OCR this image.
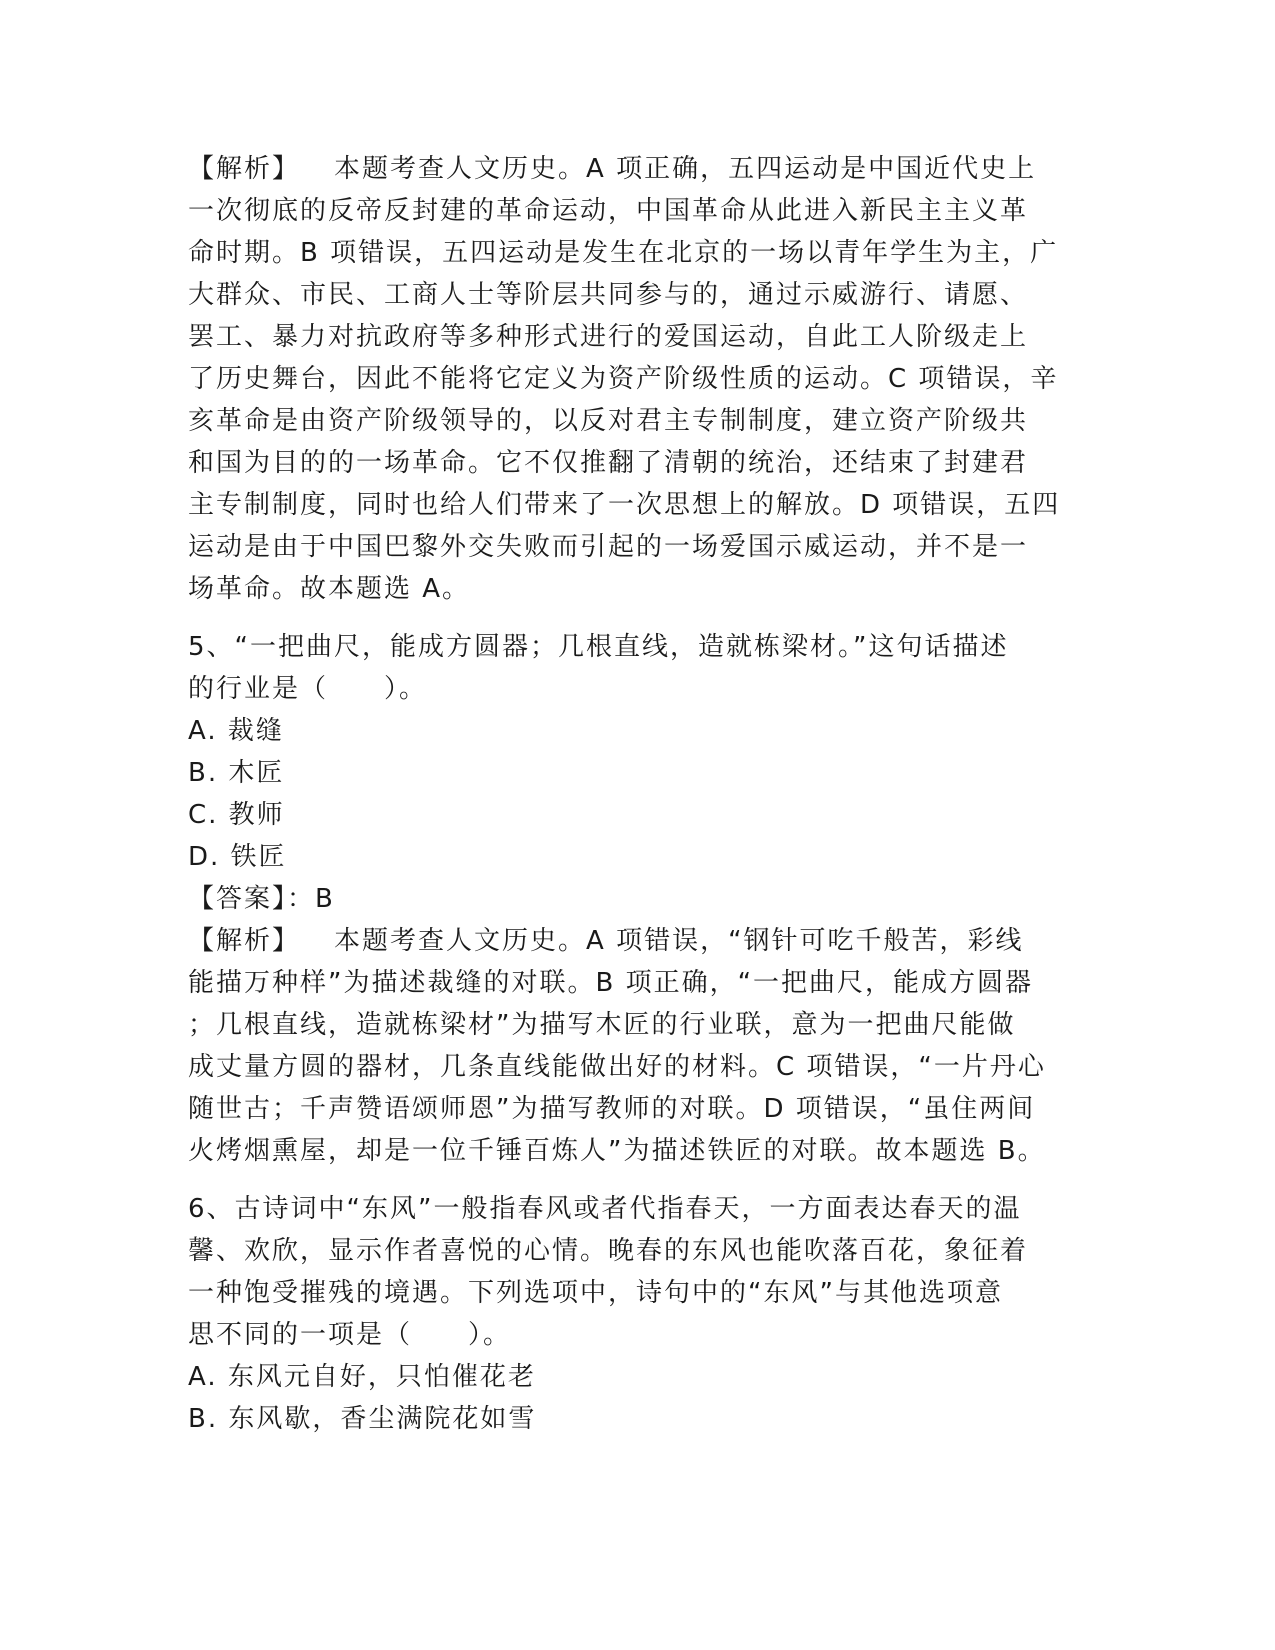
【解析】 本题考查人文历史。A 项正确，五四运动是中国近代史上
一次彻底的反帝反封建的革命运动，中国革命从此进入新民主主义革
命时期。B 项错误，五四运动是发生在北京的一场以青年学生为主，广
大群众、市民、工商人士等阶层共同参与的，通过示威游行、请愿、
罢工、暴力对抗政府等多种形式进行的爱国运动，自此工人阶级走上
了历史舞台，因此不能将它定义为资产阶级性质的运动。C 项错误，辛
亥革命是由资产阶级领导的，以反对君主专制制度，建立资产阶级共
和国为目的的一场革命。它不仅推翻了清朝的统治，还结束了封建君
主专制制度，同时也给人们带来了一次思想上的解放。D 项错误，五四
运动是由于中国巴黎外交失败而引起的一场爱国示威运动，并不是一
场革命。故本题选 A。
5、“一把曲尺，能成方圆器；几根直线，造就栋梁材。”这句话描述
的行业是（　　）。
A. 裁缝
B. 木匠
C. 教师
D. 铁匠
【答案】：B
【解析】 本题考查人文历史。A 项错误，“钢针可吃千般苦，彩线
能描万种样”为描述裁缝的对联。B 项正确，“一把曲尺，能成方圆器
；几根直线，造就栋梁材”为描写木匠的行业联，意为一把曲尺能做
成丈量方圆的器材，几条直线能做出好的材料。C 项错误，“一片丹心
随世古；千声赞语颂师恩”为描写教师的对联。D 项错误，“虽住两间
火烤烟熏屋，却是一位千锤百炼人”为描述铁匠的对联。故本题选 B。
6、古诗词中“东风”一般指春风或者代指春天，一方面表达春天的温
馨、欢欣，显示作者喜悦的心情。晚春的东风也能吹落百花，象征着
一种饱受摧残的境遇。下列选项中，诗句中的“东风”与其他选项意
思不同的一项是（　　）。
A. 东风元自好，只怕催花老
B. 东风歇，香尘满院花如雪
